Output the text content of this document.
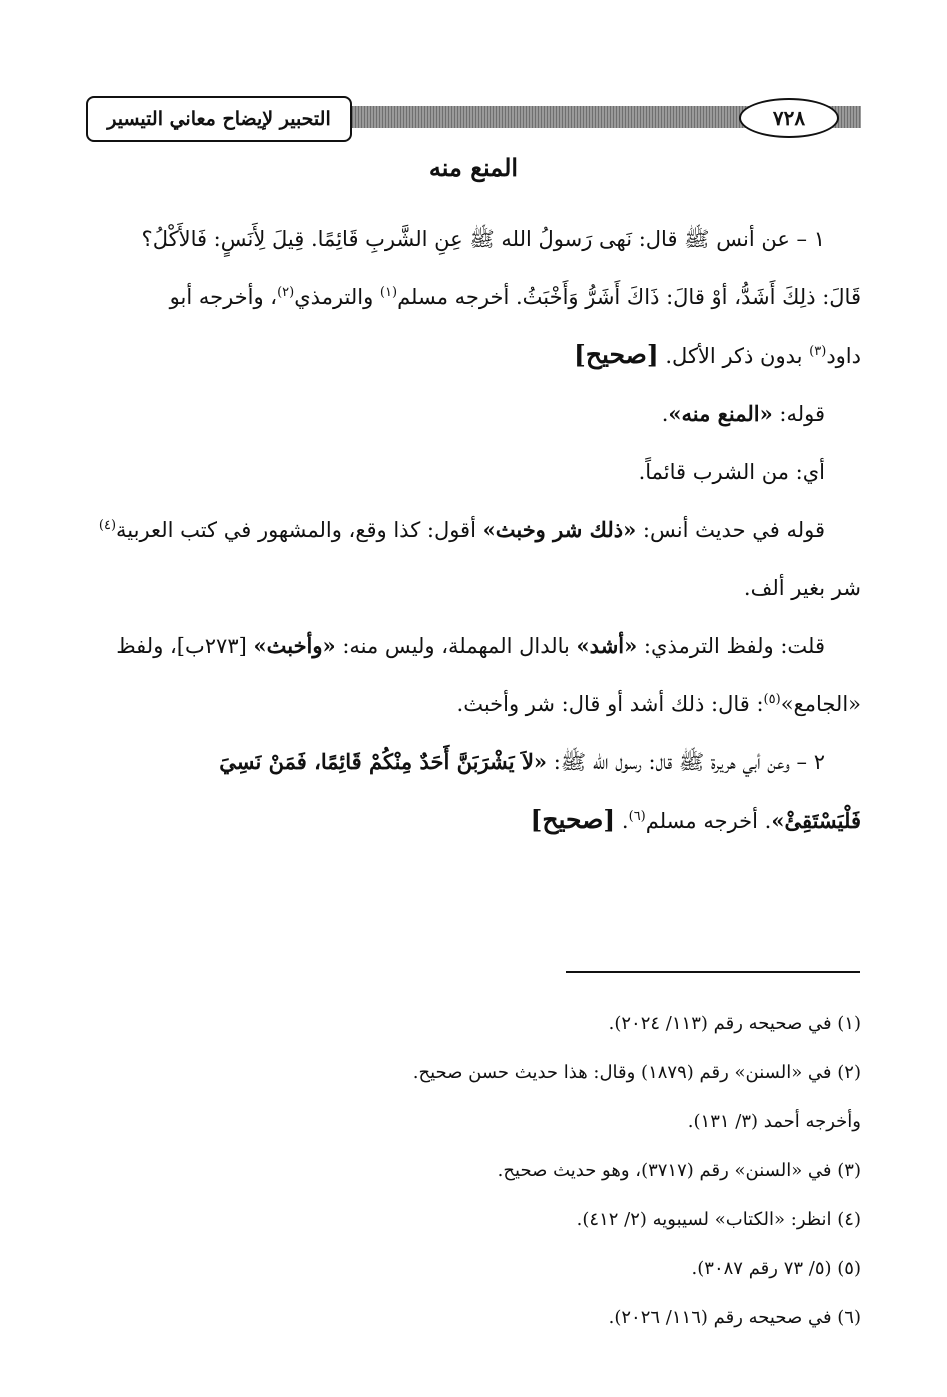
التحبير لإيضاح معاني التيسير	٧٢٨
المنع منه

١ – عن أنس ﷺ قال: نَهى رَسولُ الله ﷺ عِنِ الشَّربِ قَائِمًا. قِيلَ لِأَنَسٍ: فَالأَكْلُ؟

قَالَ: ذلِكَ أَشَدُّ، أوْ قالَ: ذَاكَ أَشَرُّ وَأَخْبَثُ. أخرجه مسلم$^{(١)}$ والترمذي$^{(٢)}$، وأخرجه أبو

داود$^{(٣)}$ بدون ذكر الأكل. [صحيح]

قوله: «المنع منه».

أي: من الشرب قائماً.

قوله في حديث أنس: «ذلك شر وخبث» أقول: كذا وقع، والمشهور في كتب العربية$^{(٤)}$

شر بغير ألف.

قلت: ولفظ الترمذي: «أشد» بالدال المهملة، وليس منه: «وأخبث» [٢٧٣ب]، ولفظ

«الجامع»$^{(٥)}$: قال: ذلك أشد أو قال: شر وأخبث.

٢ – وعن أبي هريرة ﷺ قال: رسول الله ﷺ: «لاَ يَشْرَبَنَّ أَحَدٌ مِنْكُمْ قَائِمًا، فَمَنْ نَسِيَ

فَلْيَسْتَقِئْ». أخرجه مسلم$^{(٦)}$. [صحيح]

(١) في صحيحه رقم (١١٣/ ٢٠٢٤).

(٢) في «السنن» رقم (١٨٧٩) وقال: هذا حديث حسن صحيح.

وأخرجه أحمد (٣/ ١٣١).

(٣) في «السنن» رقم (٣٧١٧)، وهو حديث صحيح.

(٤) انظر: «الكتاب» لسيبويه (٢/ ٤١٢).

(٥) (٥/ ٧٣ رقم ٣٠٨٧).

(٦) في صحيحه رقم (١١٦/ ٢٠٢٦).
